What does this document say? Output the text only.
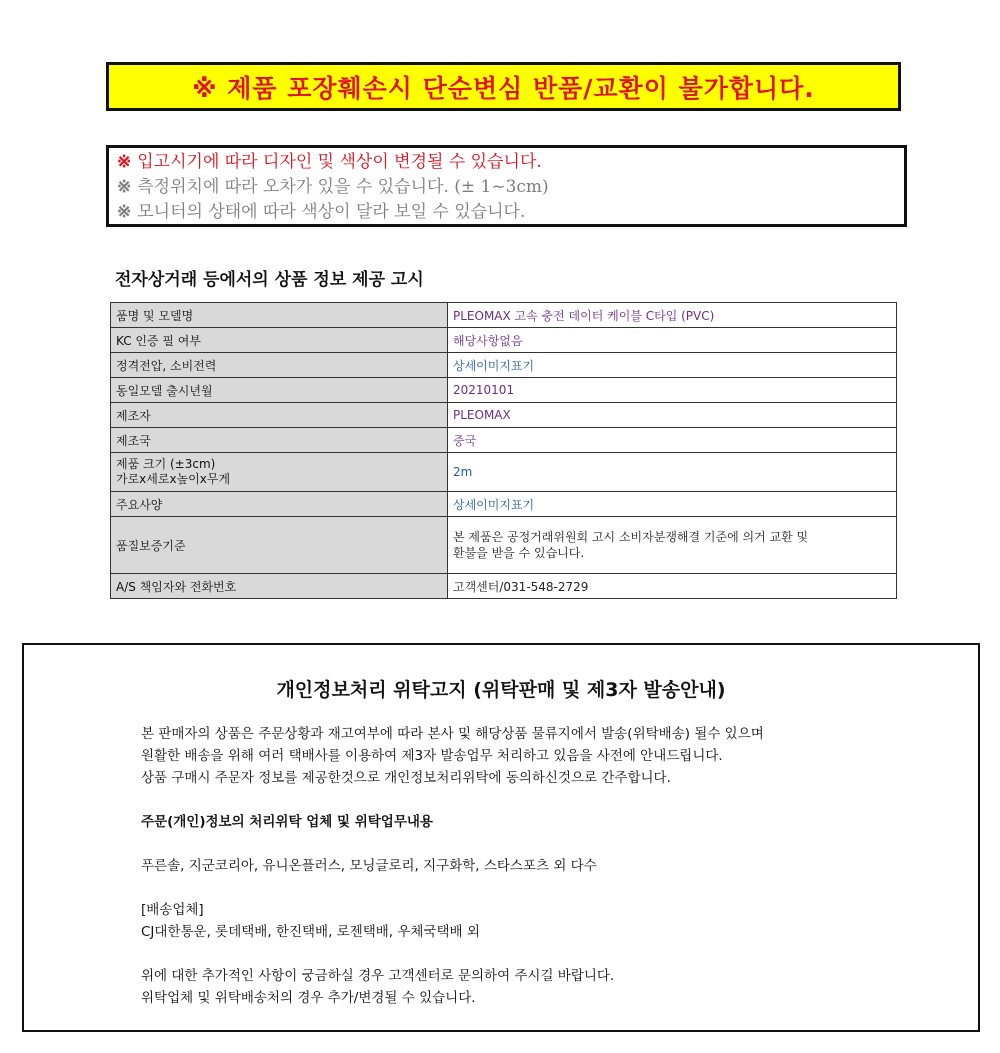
※ 제품 포장훼손시 단순변심 반품/교환이 불가합니다.
※ 입고시기에 따라 디자인 및 색상이 변경될 수 있습니다.
※ 측정위치에 따라 오차가 있을 수 있습니다. (± 1~3cm)
※ 모니터의 상태에 따라 색상이 달라 보일 수 있습니다.
전자상거래 등에서의 상품 정보 제공 고시
품명 및 모델명	PLEOMAX 고속 충전 데이터 케이블 C타입 (PVC)
KC 인증 필 여부	해당사항없음
정격전압, 소비전력	상세이미지표기
동일모델 출시년월	20210101
제조자	PLEOMAX
제조국	중국

제품 크기 (±3cm)
가로x세로x높이x무게	2m
주요사양	상세이미지표기
품질보증기준	본 제품은 공정거래위원회 고시 소비자분쟁해결 기준에 의거 교환 및
환불을 받을 수 있습니다.

A/S 책임자와 전화번호	고객센터/031-548-2729
개인정보처리 위탁고지 (위탁판매 및 제3자 발송안내)
본 판매자의 상품은 주문상황과 재고여부에 따라 본사 및 해당상품 물류지에서 발송(위탁배송) 될수 있으며
원활한 배송을 위해 여러 택배사를 이용하여 제3자 발송업무 처리하고 있음을 사전에 안내드립니다.
상품 구매시 주문자 정보를 제공한것으로 개인정보처리위탁에 동의하신것으로 간주합니다.
주문(개인)정보의 처리위탁 업체 및 위탁업무내용
푸른솔, 지군코리아, 유니온플러스, 모닝글로리, 지구화학, 스타스포츠 외 다수
[배송업체]
CJ대한통운, 롯데택배, 한진택배, 로젠택배, 우체국택배 외
위에 대한 추가적인 사항이 궁금하실 경우 고객센터로 문의하여 주시길 바랍니다.
위탁업체 및 위탁배송처의 경우 추가/변경될 수 있습니다.
